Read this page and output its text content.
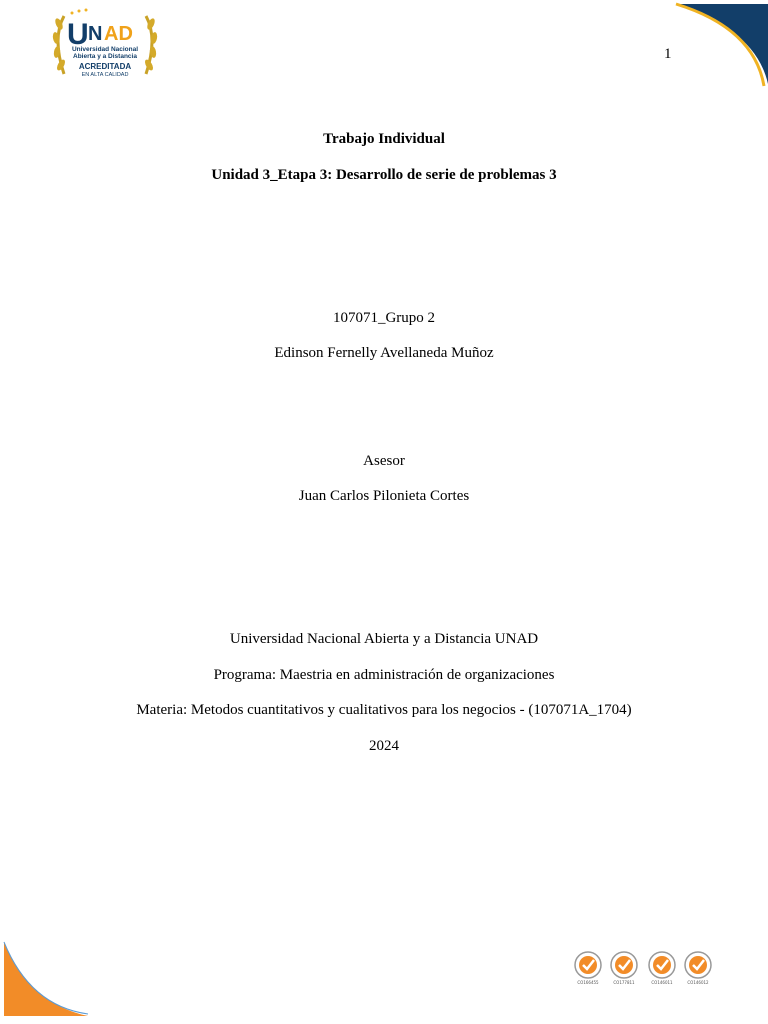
U N AD
Universidad Nacional
Abierta y a Distancia
ACREDITADA
EN ALTA CALIDAD
1
Trabajo Individual
Unidad 3_Etapa 3: Desarrollo de serie de problemas 3
107071_Grupo 2
Edinson Fernelly Avellaneda Muñoz
Asesor
Juan Carlos Pilonieta Cortes
Universidad Nacional Abierta y a Distancia UNAD
Programa: Maestria en administración de organizaciones
Materia: Metodos cuantitativos y cualitativos para los negocios - (107071A_1704)
2024
CO166455	CO177811	CO146011	CO146012
